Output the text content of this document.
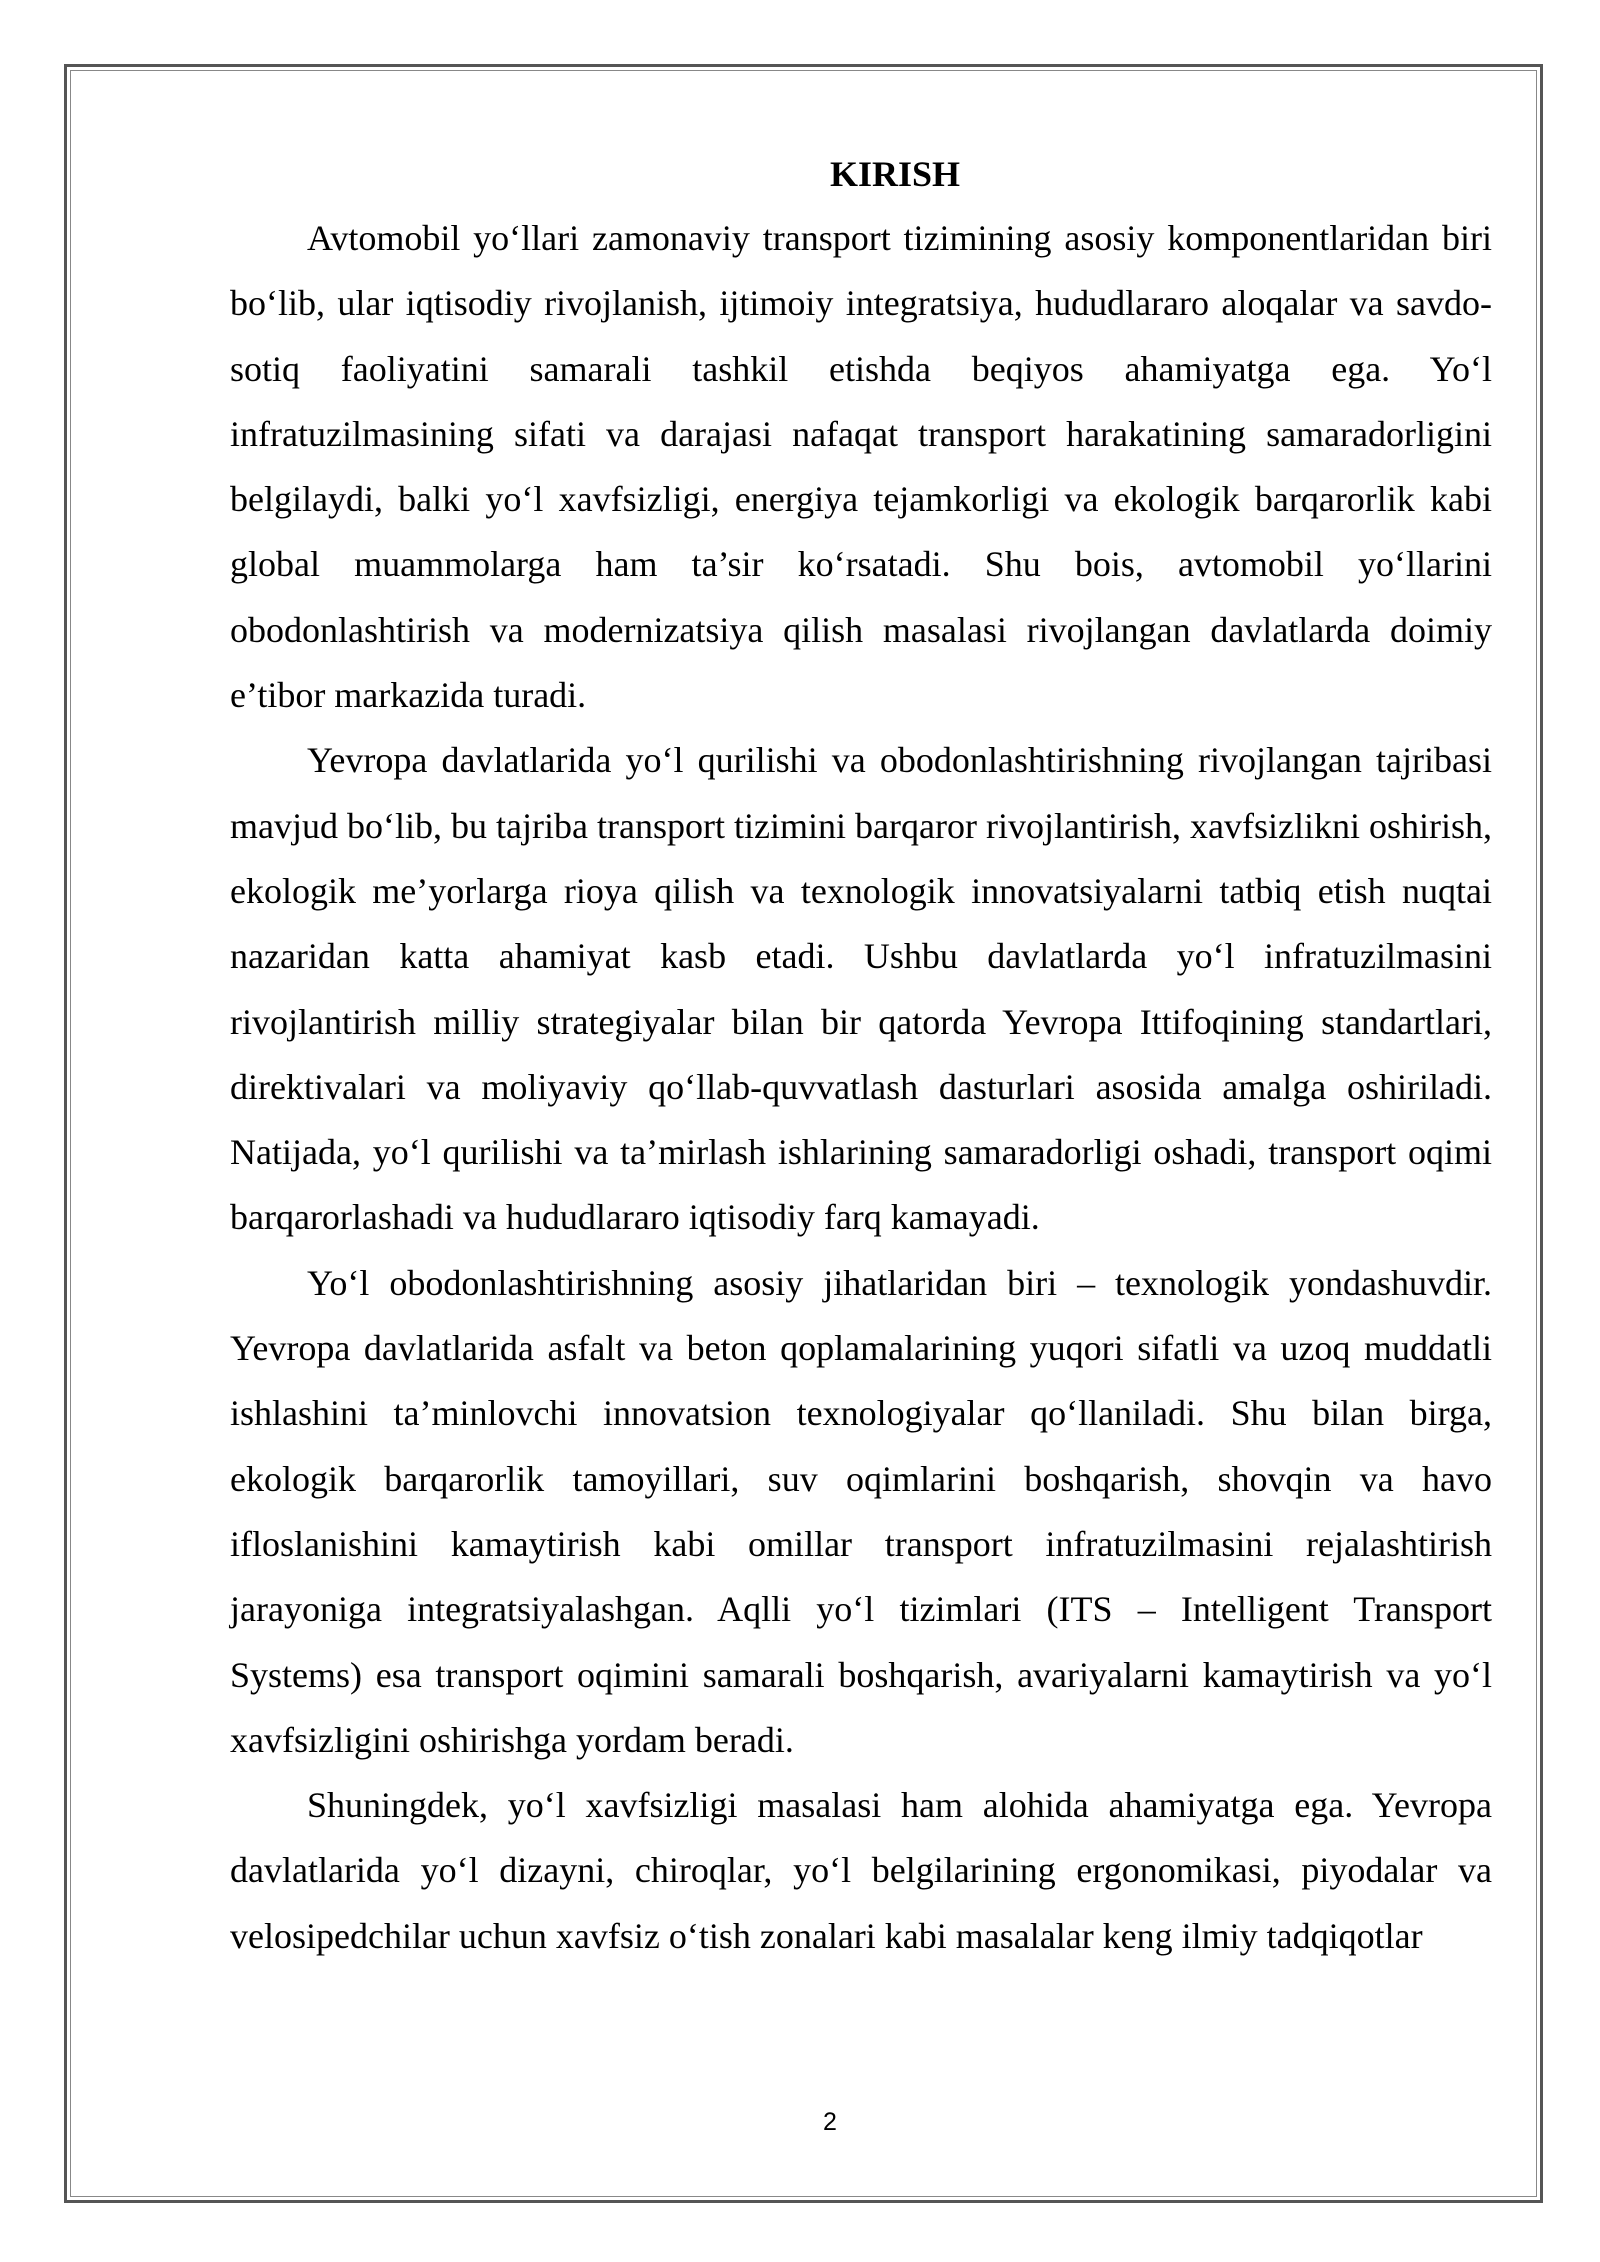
KIRISH

Avtomobil yo‘llari zamonaviy transport tizimining asosiy komponentlaridan biri bo‘lib, ular iqtisodiy rivojlanish, ijtimoiy integratsiya, hududlararo aloqalar va savdo-sotiq faoliyatini samarali tashkil etishda beqiyos ahamiyatga ega. Yo‘l infratuzilmasining sifati va darajasi nafaqat transport harakatining samaradorligini belgilaydi, balki yo‘l xavfsizligi, energiya tejamkorligi va ekologik barqarorlik kabi global muammolarga ham ta’sir ko‘rsatadi. Shu bois, avtomobil yo‘llarini obodonlashtirish va modernizatsiya qilish masalasi rivojlangan davlatlarda doimiy e’tibor markazida turadi.

Yevropa davlatlarida yo‘l qurilishi va obodonlashtirishning rivojlangan tajribasi mavjud bo‘lib, bu tajriba transport tizimini barqaror rivojlantirish, xavfsizlikni oshirish, ekologik me’yorlarga rioya qilish va texnologik innovatsiyalarni tatbiq etish nuqtai nazaridan katta ahamiyat kasb etadi. Ushbu davlatlarda yo‘l infratuzilmasini rivojlantirish milliy strategiyalar bilan bir qatorda Yevropa Ittifoqining standartlari, direktivalari va moliyaviy qo‘llab-quvvatlash dasturlari asosida amalga oshiriladi. Natijada, yo‘l qurilishi va ta’mirlash ishlarining samaradorligi oshadi, transport oqimi barqarorlashadi va hududlararo iqtisodiy farq kamayadi.

Yo‘l obodonlashtirishning asosiy jihatlaridan biri – texnologik yondashuvdir. Yevropa davlatlarida asfalt va beton qoplamalarining yuqori sifatli va uzoq muddatli ishlashini ta’minlovchi innovatsion texnologiyalar qo‘llaniladi. Shu bilan birga, ekologik barqarorlik tamoyillari, suv oqimlarini boshqarish, shovqin va havo ifloslanishini kamaytirish kabi omillar transport infratuzilmasini rejalashtirish jarayoniga integratsiyalashgan. Aqlli yo‘l tizimlari (ITS – Intelligent Transport Systems) esa transport oqimini samarali boshqarish, avariyalarni kamaytirish va yo‘l xavfsizligini oshirishga yordam beradi.

Shuningdek, yo‘l xavfsizligi masalasi ham alohida ahamiyatga ega. Yevropa davlatlarida yo‘l dizayni, chiroqlar, yo‘l belgilarining ergonomikasi, piyodalar va velosipedchilar uchun xavfsiz o‘tish zonalari kabi masalalar keng ilmiy tadqiqotlar

2
